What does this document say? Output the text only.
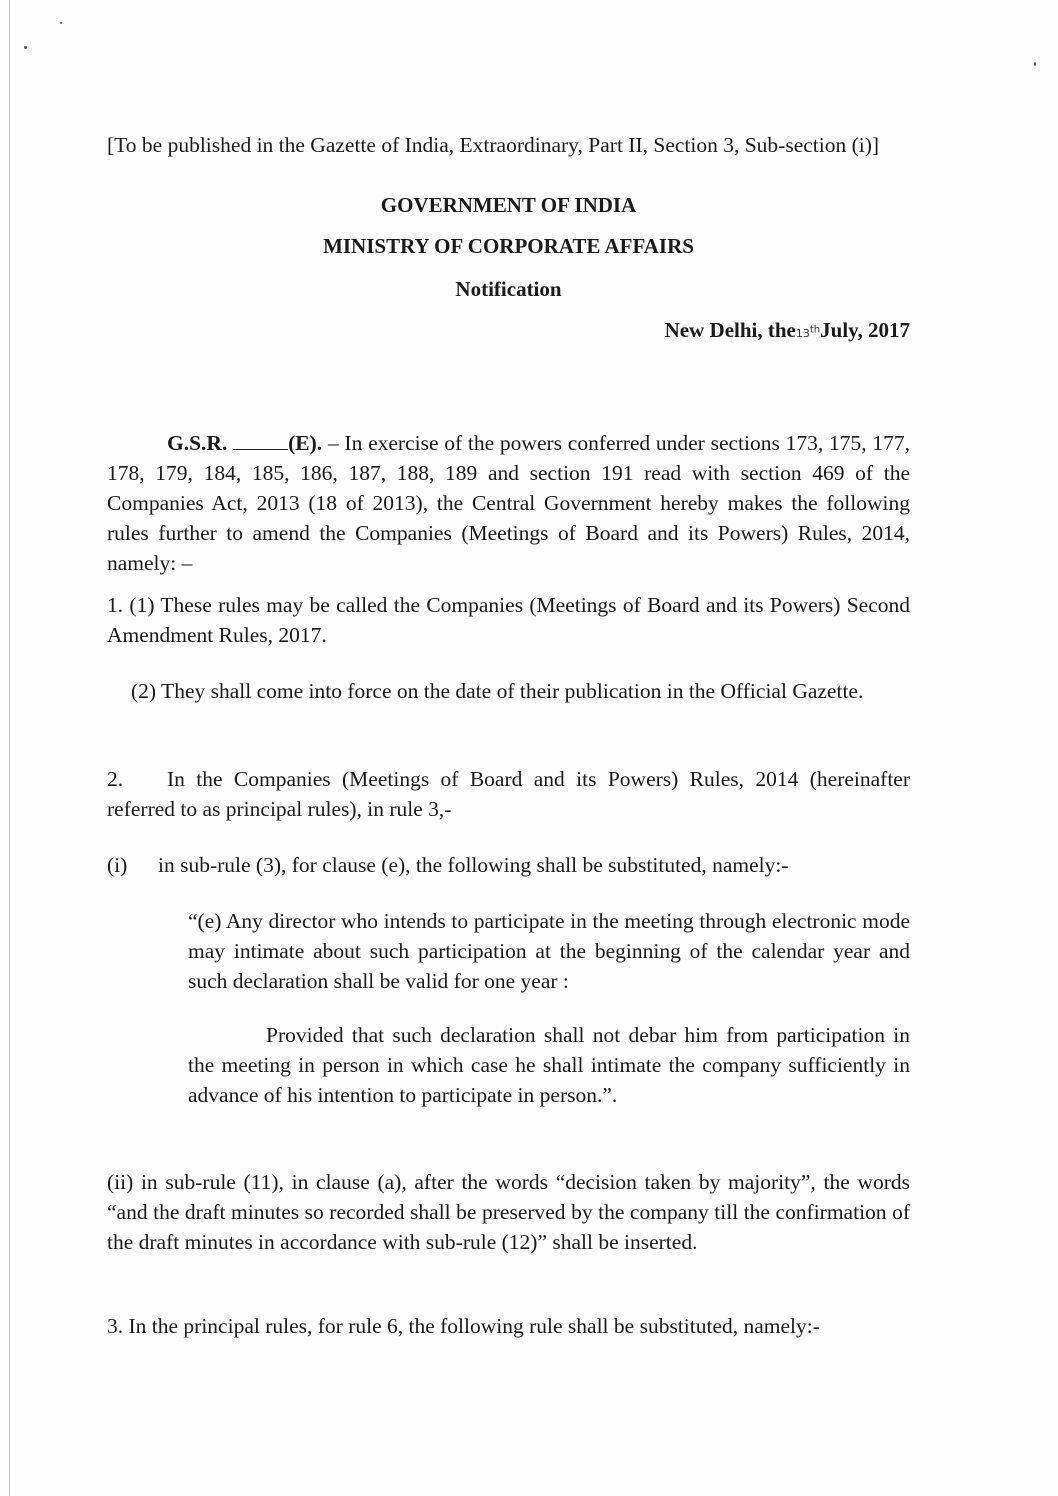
[To be published in the Gazette of India, Extraordinary, Part II, Section 3, Sub-section (i)]
GOVERNMENT OF INDIA
MINISTRY OF CORPORATE AFFAIRS
Notification
New Delhi, the13thJuly, 2017
G.S.R.	(E). – In exercise of the powers conferred under sections 173, 175, 177, 178, 179, 184, 185, 186, 187, 188, 189 and section 191 read with section 469 of the Companies Act, 2013 (18 of 2013), the Central Government hereby makes the following rules further to amend the Companies (Meetings of Board and its Powers) Rules, 2014, namely: –
1. (1) These rules may be called the Companies (Meetings of Board and its Powers) Second Amendment Rules, 2017.
(2) They shall come into force on the date of their publication in the Official Gazette.
2.	In the Companies (Meetings of Board and its Powers) Rules, 2014 (hereinafter referred to as principal rules), in rule 3,-
(i) in sub-rule (3), for clause (e), the following shall be substituted, namely:-
“(e) Any director who intends to participate in the meeting through electronic mode may intimate about such participation at the beginning of the calendar year and such declaration shall be valid for one year :
Provided that such declaration shall not debar him from participation in the meeting in person in which case he shall intimate the company sufficiently in advance of his intention to participate in person.”.
(ii) in sub-rule (11), in clause (a), after the words “decision taken by majority”, the words “and the draft minutes so recorded shall be preserved by the company till the confirmation of the draft minutes in accordance with sub-rule (12)” shall be inserted.
3. In the principal rules, for rule 6, the following rule shall be substituted, namely:-
